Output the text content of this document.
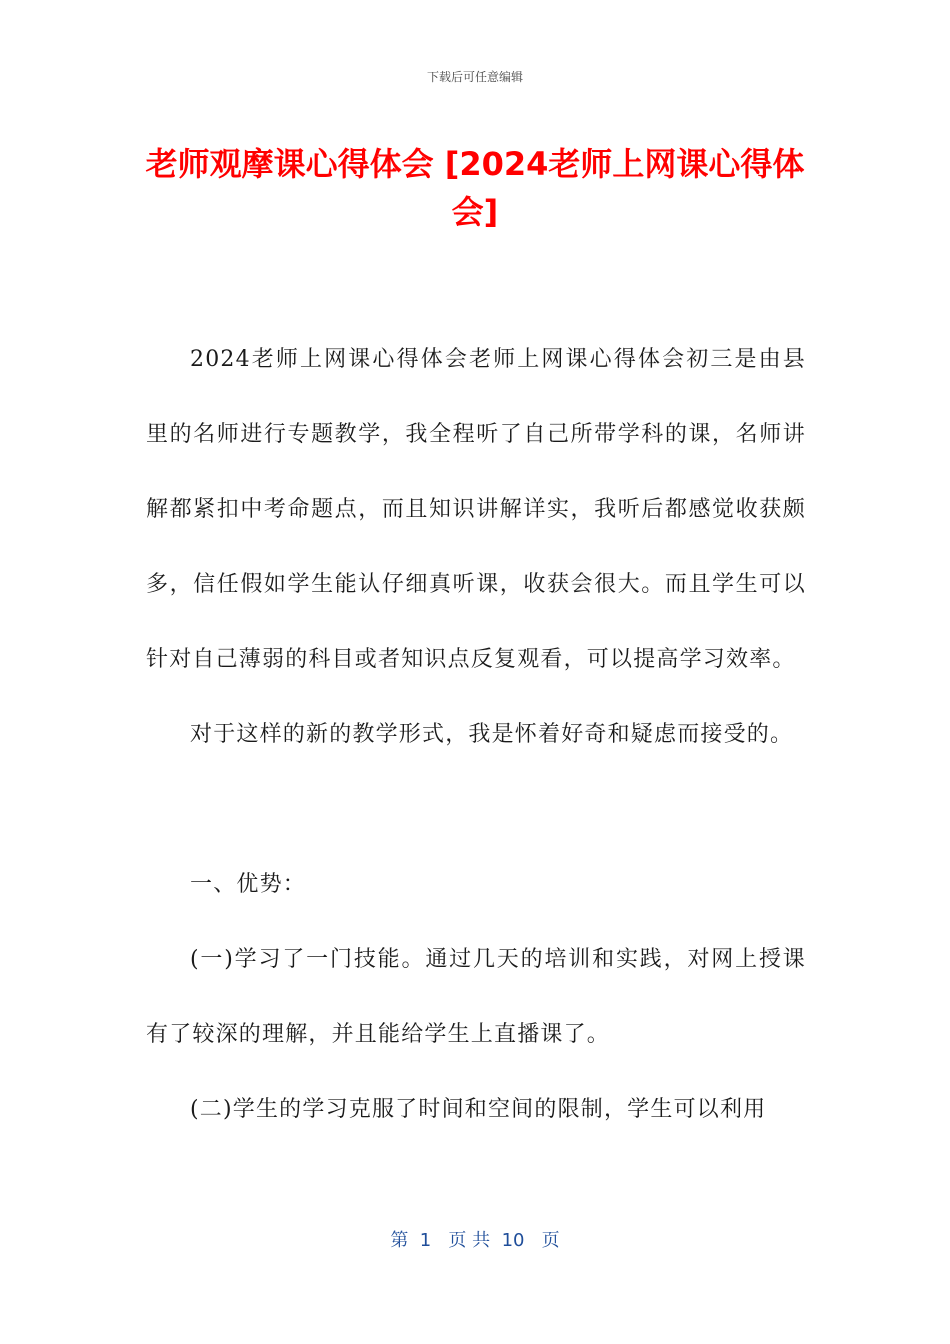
下载后可任意编辑
老师观摩课心得体会 [2024老师上网课心得体会]

2024老师上网课心得体会老师上网课心得体会初三是由县里的名师进行专题教学，我全程听了自己所带学科的课，名师讲解都紧扣中考命题点，而且知识讲解详实，我听后都感觉收获颇多，信任假如学生能认仔细真听课，收获会很大。而且学生可以针对自己薄弱的科目或者知识点反复观看，可以提高学习效率。

对于这样的新的教学形式，我是怀着好奇和疑虑而接受的。

一、优势：

(一)学习了一门技能。通过几天的培训和实践，对网上授课有了较深的理解，并且能给学生上直播课了。

(二)学生的学习克服了时间和空间的限制，学生可以利用

第  1   页 共  10   页
